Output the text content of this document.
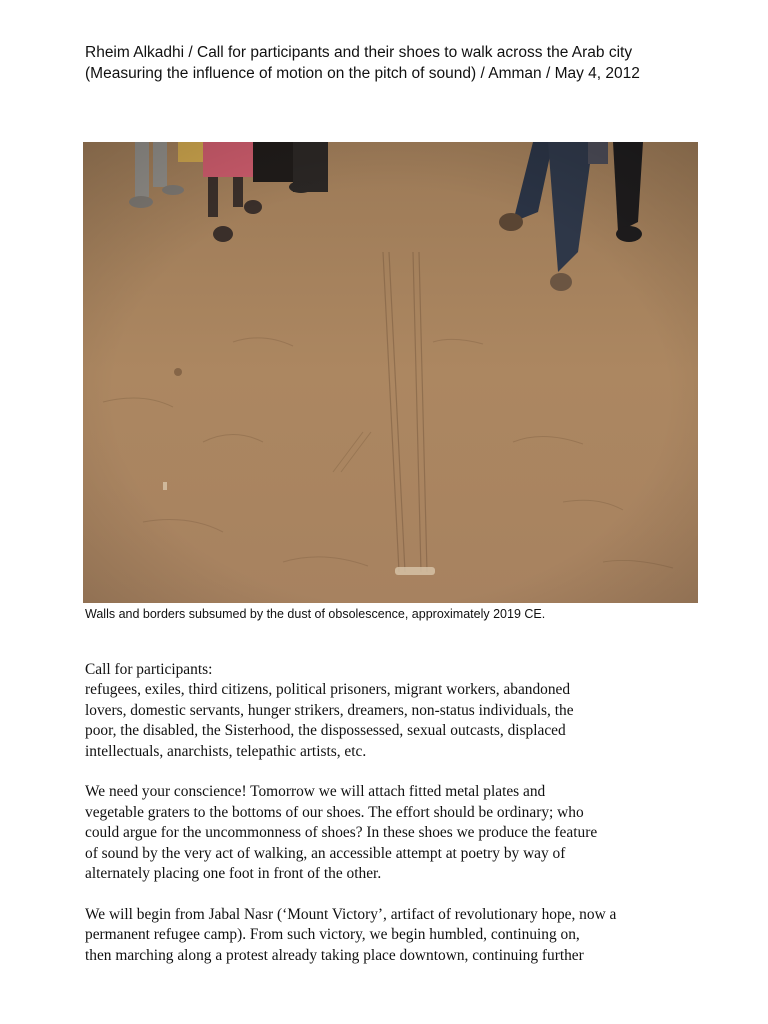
Rheim Alkadhi / Call for participants and their shoes to walk across the Arab city
(Measuring the influence of motion on the pitch of sound) / Amman / May 4, 2012
Walls and borders subsumed by the dust of obsolescence, approximately 2019 CE.
Call for participants:
refugees, exiles, third citizens, political prisoners, migrant workers, abandoned
lovers, domestic servants, hunger strikers, dreamers, non-status individuals, the
poor, the disabled, the Sisterhood, the dispossessed, sexual outcasts, displaced
intellectuals, anarchists, telepathic artists, etc.
We need your conscience! Tomorrow we will attach fitted metal plates and
vegetable graters to the bottoms of our shoes. The effort should be ordinary; who
could argue for the uncommonness of shoes? In these shoes we produce the feature
of sound by the very act of walking, an accessible attempt at poetry by way of
alternately placing one foot in front of the other.
We will begin from Jabal Nasr (‘Mount Victory’, artifact of revolutionary hope, now a
permanent refugee camp). From such victory, we begin humbled, continuing on,
then marching along a protest already taking place downtown, continuing further
